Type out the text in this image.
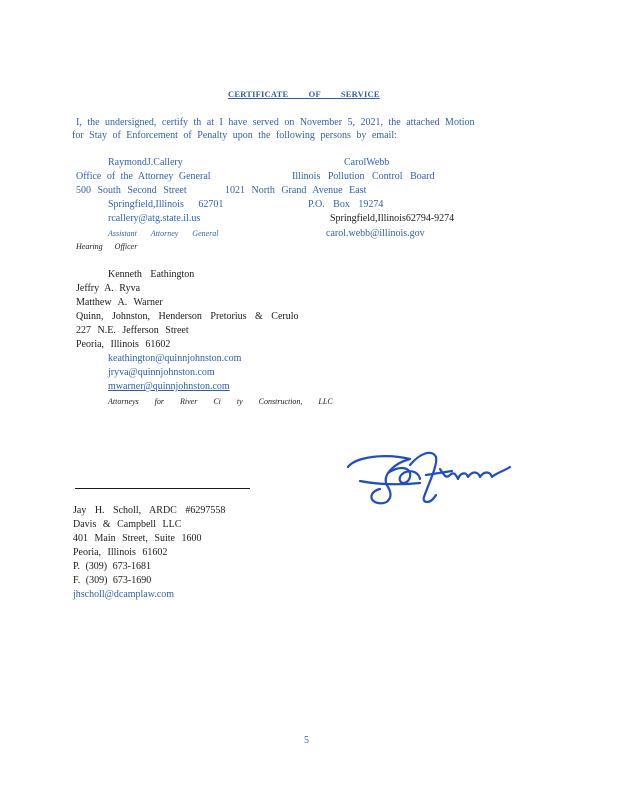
CERTIFICATE OF SERVICE
I, the undersigned, certify th at I have served on November 5, 2021, the attached Motion
for Stay of Enforcement of Penalty upon the following persons by email:
RaymondJ.Callery
Office of the Attorney General
500 South Second Street
Springfield,Illinois 62701
rcallery@atg.state.il.us
Assistant Attorney General
CarolWebb
Illinois Pollution Control Board
1021 North Grand Avenue East
P.O. Box 19274
Springfield,Illinois62794-9274
carol.webb@illinois.gov
Hearing Officer
Kenneth Eathington
Jeffry A. Ryva
Matthew A. Warner
Quinn, Johnston, Henderson Pretorius & Cerulo
227 N.E. Jefferson Street
Peoria, Illinois 61602
keathington@quinnjohnston.com
jryva@quinnjohnston.com
mwarner@quinnjohnston.com
Attorneys for River Ci ty Construction, LLC
Jay H. Scholl, ARDC #6297558
Davis & Campbell LLC
401 Main Street, Suite 1600
Peoria, Illinois 61602
P. (309) 673-1681
F. (309) 673-1690
jhscholl@dcamplaw.com
5
